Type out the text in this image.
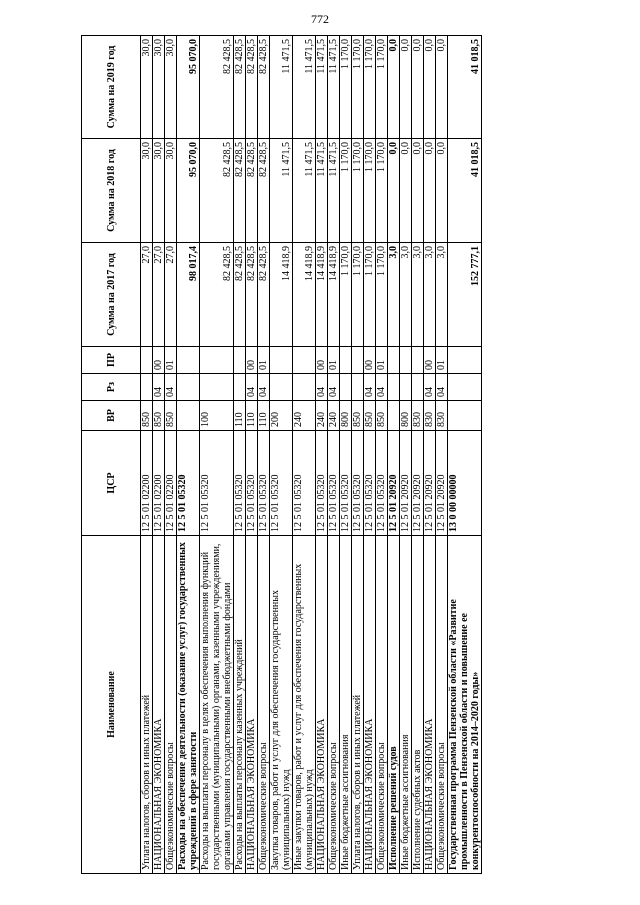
772
Наименование	ЦСР	ВР	Рз	ПР	Сумма на 2017 год	Сумма на 2018 год	Сумма на 2019 год
Уплата налогов, сборов и иных платежей	12 5 01 02200	850			27,0	30,0	30,0
НАЦИОНАЛЬНАЯ ЭКОНОМИКА	12 5 01 02200	850	04	00	27,0	30,0	30,0
Общеэкономические вопросы	12 5 01 02200	850	04	01	27,0	30,0	30,0
Расходы на обеспечение деятельности (оказание услуг) государственных учреждений в сфере занятости	12 5 01 05320				98 017,4	95 070,0	95 070,0
Расходы на выплаты персоналу в целях обеспечения выполнения функций государственными (муниципальными) органами, казенными учреждениями, органами управления государственными внебюджетными фондами	12 5 01 05320	100			82 428,5	82 428,5	82 428,5
Расходы на выплаты персоналу казенных учреждений	12 5 01 05320	110			82 428,5	82 428,5	82 428,5
НАЦИОНАЛЬНАЯ ЭКОНОМИКА	12 5 01 05320	110	04	00	82 428,5	82 428,5	82 428,5
Общеэкономические вопросы	12 5 01 05320	110	04	01	82 428,5	82 428,5	82 428,5
Закупка товаров, работ и услуг для обеспечения государственных (муниципальных) нужд	12 5 01 05320	200			14 418,9	11 471,5	11 471,5
Иные закупки товаров, работ и услуг для обеспечения государственных (муниципальных) нужд	12 5 01 05320	240			14 418,9	11 471,5	11 471,5
НАЦИОНАЛЬНАЯ ЭКОНОМИКА	12 5 01 05320	240	04	00	14 418,9	11 471,5	11 471,5
Общеэкономические вопросы	12 5 01 05320	240	04	01	14 418,9	11 471,5	11 471,5
Иные бюджетные ассигнования	12 5 01 05320	800			1 170,0	1 170,0	1 170,0
Уплата налогов, сборов и иных платежей	12 5 01 05320	850			1 170,0	1 170,0	1 170,0
НАЦИОНАЛЬНАЯ ЭКОНОМИКА	12 5 01 05320	850	04	00	1 170,0	1 170,0	1 170,0
Общеэкономические вопросы	12 5 01 05320	850	04	01	1 170,0	1 170,0	1 170,0
Исполнение решений судов	12 5 01 20920				3,0	0,0	0,0
Иные бюджетные ассигнования	12 5 01 20920	800			3,0	0,0	0,0
Исполнение судебных актов	12 5 01 20920	830			3,0	0,0	0,0
НАЦИОНАЛЬНАЯ ЭКОНОМИКА	12 5 01 20920	830	04	00	3,0	0,0	0,0
Общеэкономические вопросы	12 5 01 20920	830	04	01	3,0	0,0	0,0
Государственная программа Пензенской области «Развитие промышленности в Пензенской области и повышение ее конкурентоспособности на 2014–2020 годы»	13 0 00 00000				152 777,1	41 018,5	41 018,5
